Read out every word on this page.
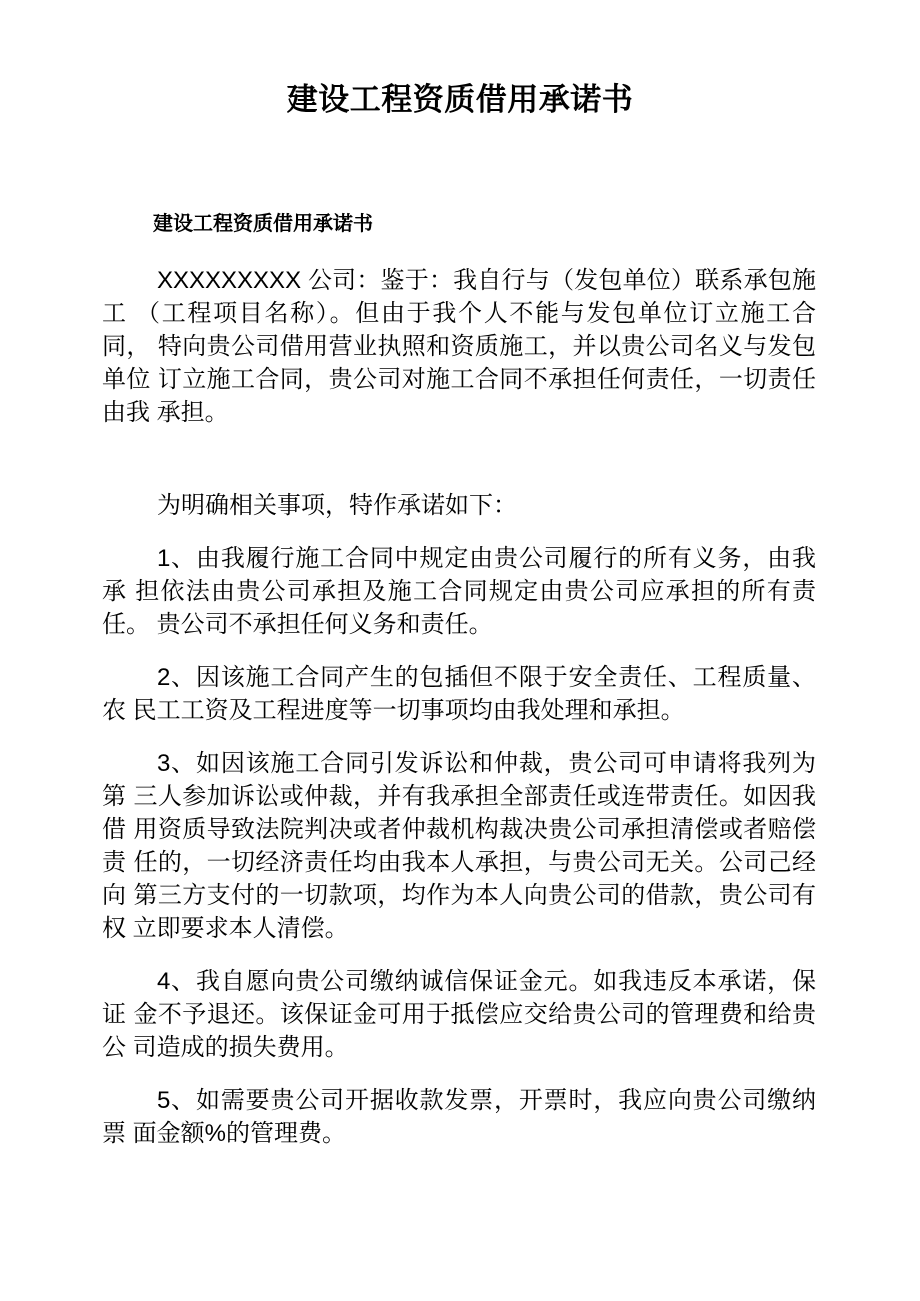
建设工程资质借用承诺书
建设工程资质借用承诺书

XXXXXXXXX 公司：鉴于：我自行与（发包单位）联系承包施工 （工程项目名称）。但由于我个人不能与发包单位订立施工合同， 特向贵公司借用营业执照和资质施工，并以贵公司名义与发包单位 订立施工合同，贵公司对施工合同不承担任何责任，一切责任由我 承担。

为明确相关事项，特作承诺如下：

1、由我履行施工合同中规定由贵公司履行的所有义务，由我承 担依法由贵公司承担及施工合同规定由贵公司应承担的所有责任。 贵公司不承担任何义务和责任。

2、因该施工合同产生的包插但不限于安全责任、工程质量、农 民工工资及工程进度等一切事项均由我处理和承担。

3、如因该施工合同引发诉讼和仲裁，贵公司可申请将我列为第 三人参加诉讼或仲裁，并有我承担全部责任或连带责任。如因我借 用资质导致法院判决或者仲裁机构裁决贵公司承担清偿或者赔偿责 任的，一切经济责任均由我本人承担，与贵公司无关。公司己经向 第三方支付的一切款项，均作为本人向贵公司的借款，贵公司有权 立即要求本人清偿。

4、我自愿向贵公司缴纳诚信保证金元。如我违反本承诺，保证 金不予退还。该保证金可用于抵偿应交给贵公司的管理费和给贵公 司造成的损失费用。

5、如需要贵公司开据收款发票，开票时，我应向贵公司缴纳票 面金额%的管理费。
